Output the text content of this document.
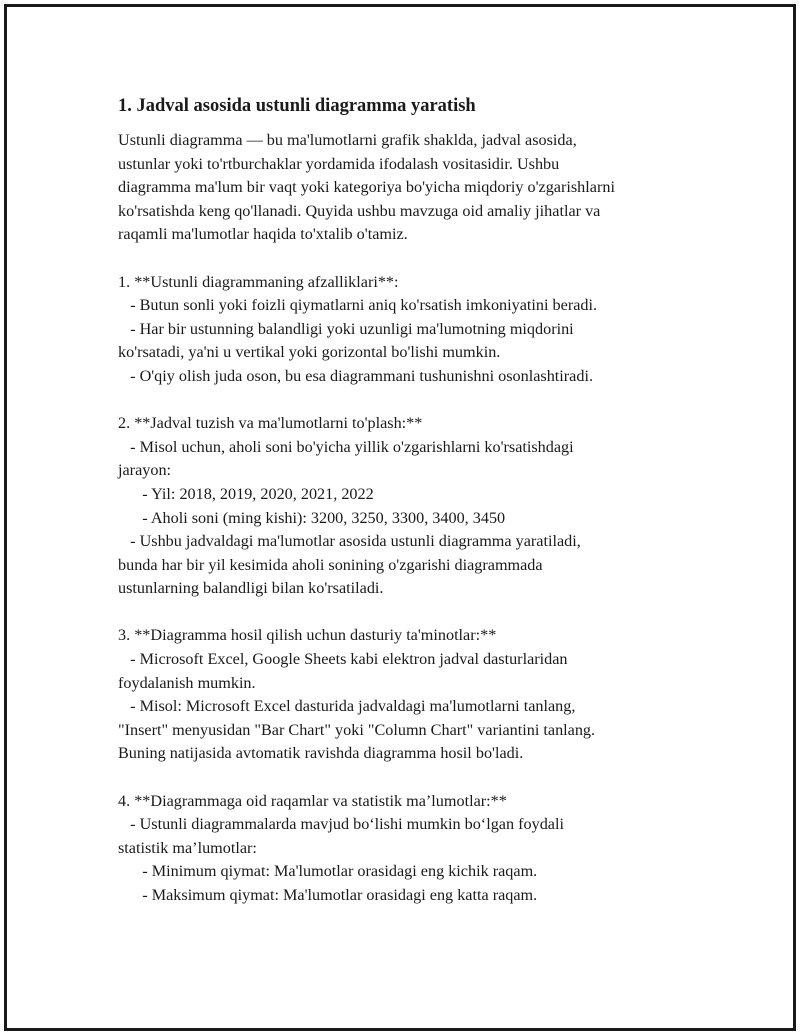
1. Jadval asosida ustunli diagramma yaratish
Ustunli diagramma — bu ma'lumotlarni grafik shaklda, jadval asosida,
ustunlar yoki to'rtburchaklar yordamida ifodalash vositasidir. Ushbu
diagramma ma'lum bir vaqt yoki kategoriya bo'yicha miqdoriy o'zgarishlarni
ko'rsatishda keng qo'llanadi. Quyida ushbu mavzuga oid amaliy jihatlar va
raqamli ma'lumotlar haqida to'xtalib o'tamiz.

1. **Ustunli diagrammaning afzalliklari**:
- Butun sonli yoki foizli qiymatlarni aniq ko'rsatish imkoniyatini beradi.
- Har bir ustunning balandligi yoki uzunligi ma'lumotning miqdorini
ko'rsatadi, ya'ni u vertikal yoki gorizontal bo'lishi mumkin.
- O'qiy olish juda oson, bu esa diagrammani tushunishni osonlashtiradi.

2. **Jadval tuzish va ma'lumotlarni to'plash:**
- Misol uchun, aholi soni bo'yicha yillik o'zgarishlarni ko'rsatishdagi
jarayon:
- Yil: 2018, 2019, 2020, 2021, 2022
- Aholi soni (ming kishi): 3200, 3250, 3300, 3400, 3450
- Ushbu jadvaldagi ma'lumotlar asosida ustunli diagramma yaratiladi,
bunda har bir yil kesimida aholi sonining o'zgarishi diagrammada
ustunlarning balandligi bilan ko'rsatiladi.

3. **Diagramma hosil qilish uchun dasturiy ta'minotlar:**
- Microsoft Excel, Google Sheets kabi elektron jadval dasturlaridan
foydalanish mumkin.
- Misol: Microsoft Excel dasturida jadvaldagi ma'lumotlarni tanlang,
"Insert" menyusidan "Bar Chart" yoki "Column Chart" variantini tanlang.
Buning natijasida avtomatik ravishda diagramma hosil bo'ladi.

4. **Diagrammaga oid raqamlar va statistik ma’lumotlar:**
- Ustunli diagrammalarda mavjud bo‘lishi mumkin bo‘lgan foydali
statistik ma’lumotlar:
- Minimum qiymat: Ma'lumotlar orasidagi eng kichik raqam.
- Maksimum qiymat: Ma'lumotlar orasidagi eng katta raqam.
